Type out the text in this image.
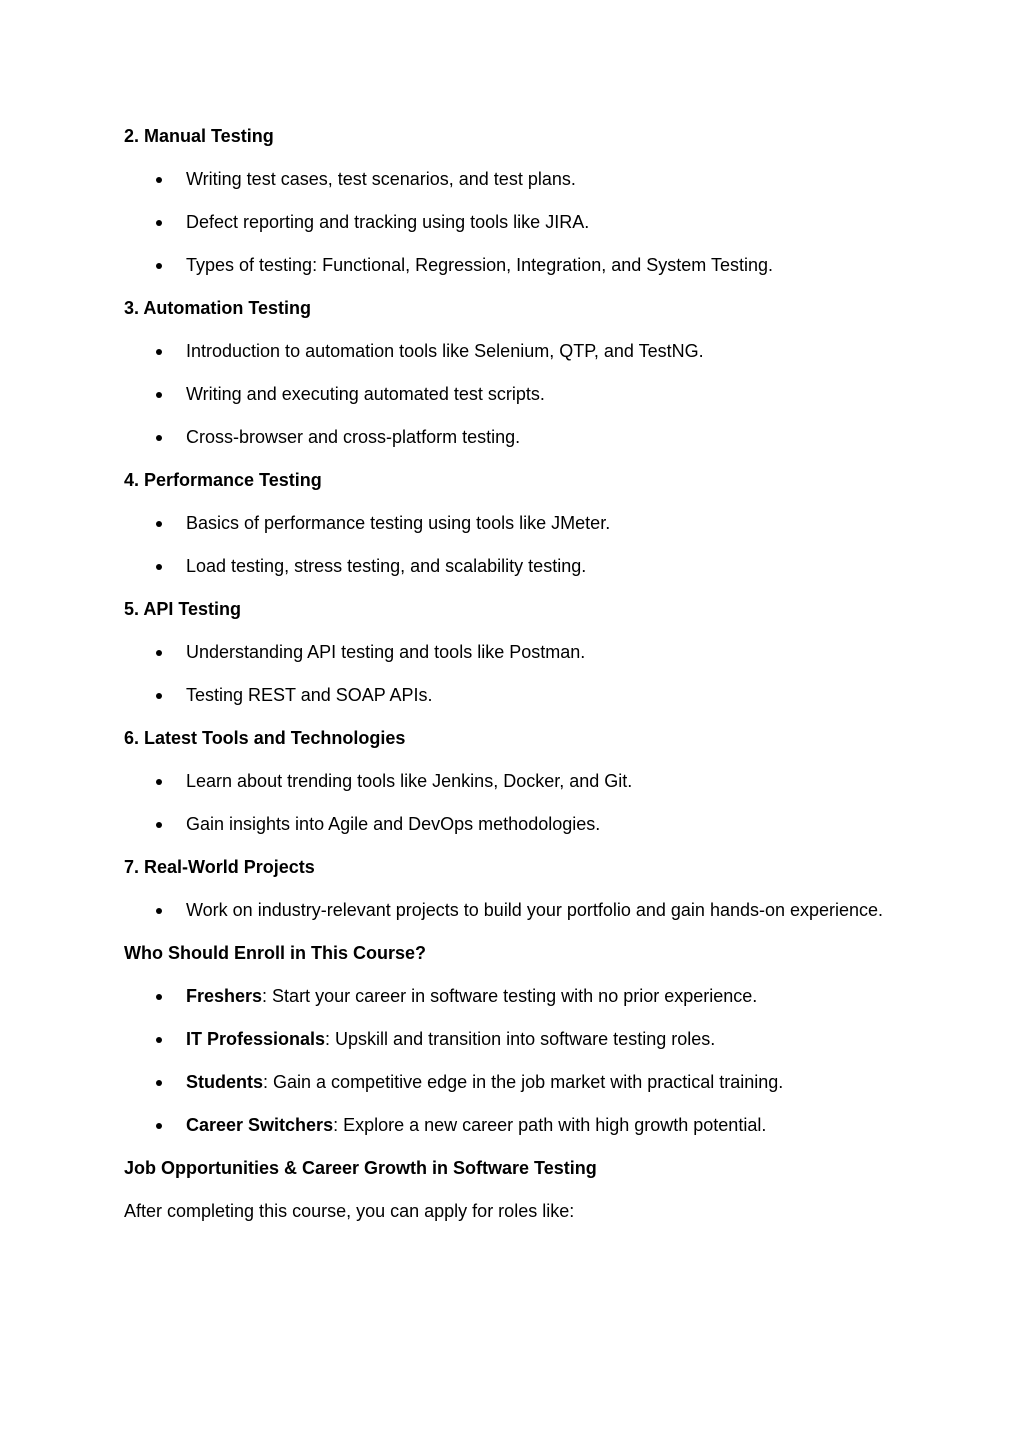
2. Manual Testing
Writing test cases, test scenarios, and test plans.
Defect reporting and tracking using tools like JIRA.
Types of testing: Functional, Regression, Integration, and System Testing.
3. Automation Testing
Introduction to automation tools like Selenium, QTP, and TestNG.
Writing and executing automated test scripts.
Cross-browser and cross-platform testing.
4. Performance Testing
Basics of performance testing using tools like JMeter.
Load testing, stress testing, and scalability testing.
5. API Testing
Understanding API testing and tools like Postman.
Testing REST and SOAP APIs.
6. Latest Tools and Technologies
Learn about trending tools like Jenkins, Docker, and Git.
Gain insights into Agile and DevOps methodologies.
7. Real-World Projects
Work on industry-relevant projects to build your portfolio and gain hands-on experience.
Who Should Enroll in This Course?
Freshers: Start your career in software testing with no prior experience.
IT Professionals: Upskill and transition into software testing roles.
Students: Gain a competitive edge in the job market with practical training.
Career Switchers: Explore a new career path with high growth potential.
Job Opportunities & Career Growth in Software Testing
After completing this course, you can apply for roles like:
